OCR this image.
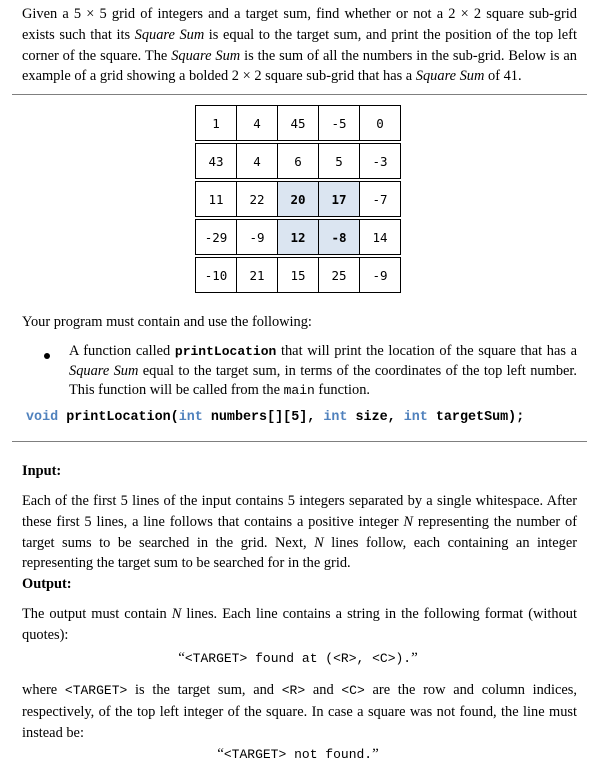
Given a 5 × 5 grid of integers and a target sum, find whether or not a 2 × 2 square sub-grid exists such that its Square Sum is equal to the target sum, and print the position of the top left corner of the square. The Square Sum is the sum of all the numbers in the sub-grid. Below is an example of a grid showing a bolded 2 × 2 square sub-grid that has a Square Sum of 41.

1	4	45	-5	0

43	4	6	5	-3

11	22	20	17	-7

-29	-9	12	-8	14

-10	21	15	25	-9

Your program must contain and use the following:

A function called printLocation that will print the location of the square that has a Square Sum equal to the target sum, in terms of the coordinates of the top left number. This function will be called from the main function.

void printLocation(int numbers[][5], int size, int targetSum);

Input:

Each of the first 5 lines of the input contains 5 integers separated by a single whitespace. After these first 5 lines, a line follows that contains a positive integer N representing the number of target sums to be searched in the grid. Next, N lines follow, each containing an integer representing the target sum to be searched for in the grid.

Output:

The output must contain N lines. Each line contains a string in the following format (without quotes):

“<TARGET> found at (<R>, <C>).”

where <TARGET> is the target sum, and <R> and <C> are the row and column indices, respectively, of the top left integer of the square. In case a square was not found, the line must instead be:

“<TARGET> not found.”
